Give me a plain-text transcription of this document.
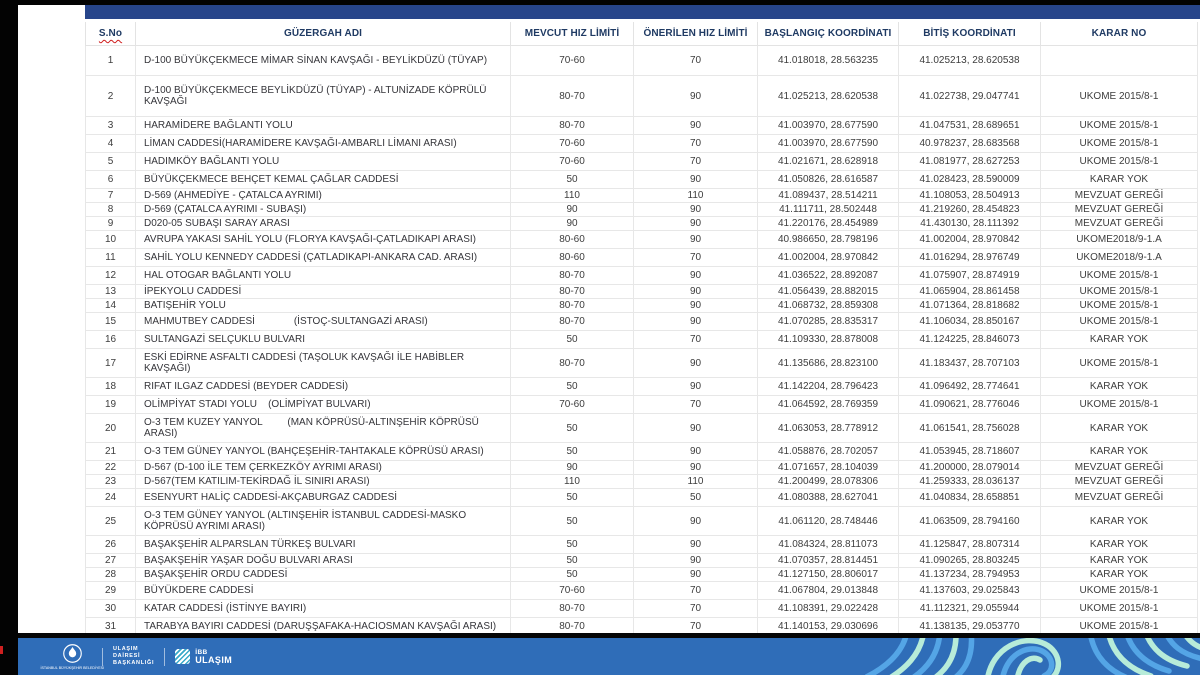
S.No	GÜZERGAH ADI	MEVCUT HIZ LİMİTİ	ÖNERİLEN HIZ LİMİTİ	BAŞLANGIÇ KOORDİNATI	BİTİŞ KOORDİNATI	KARAR NO
1	D-100 BÜYÜKÇEKMECE MİMAR SİNAN KAVŞAĞI - BEYLİKDÜZÜ (TÜYAP)	70-60	70	41.018018, 28.563235	41.025213, 28.620538	
2	D-100 BÜYÜKÇEKMECE BEYLİKDÜZÜ (TÜYAP) - ALTUNİZADE KÖPRÜLÜ KAVŞAĞI	80-70	90	41.025213, 28.620538	41.022738, 29.047741	UKOME 2015/8-1
3	HARAMİDERE BAĞLANTI YOLU	80-70	90	41.003970, 28.677590	41.047531, 28.689651	UKOME 2015/8-1
4	LİMAN CADDESİ(HARAMİDERE KAVŞAĞI-AMBARLI LİMANI ARASI)	70-60	70	41.003970, 28.677590	40.978237, 28.683568	UKOME 2015/8-1
5	HADIMKÖY BAĞLANTI YOLU	70-60	70	41.021671, 28.628918	41.081977, 28.627253	UKOME 2015/8-1
6	BÜYÜKÇEKMECE BEHÇET KEMAL ÇAĞLAR CADDESİ	50	90	41.050826, 28.616587	41.028423, 28.590009	KARAR YOK
7	D-569 (AHMEDİYE - ÇATALCA AYRIMI)	110	110	41.089437, 28.514211	41.108053, 28.504913	MEVZUAT GEREĞİ
8	D-569 (ÇATALCA AYRIMI - SUBAŞI)	90	90	41.111711, 28.502448	41.219260, 28.454823	MEVZUAT GEREĞİ
9	D020-05 SUBAŞI SARAY ARASI	90	90	41.220176, 28.454989	41.430130, 28.111392	MEVZUAT GEREĞİ
10	AVRUPA YAKASI SAHİL YOLU (FLORYA KAVŞAĞI-ÇATLADIKAPI ARASI)	80-60	90	40.986650, 28.798196	41.002004, 28.970842	UKOME2018/9-1.A
11	SAHİL YOLU KENNEDY CADDESİ (ÇATLADIKAPI-ANKARA CAD. ARASI)	80-60	70	41.002004, 28.970842	41.016294, 28.976749	UKOME2018/9-1.A
12	HAL OTOGAR BAĞLANTI YOLU	80-70	90	41.036522, 28.892087	41.075907, 28.874919	UKOME 2015/8-1
13	İPEKYOLU CADDESİ	80-70	90	41.056439, 28.882015	41.065904, 28.861458	UKOME 2015/8-1
14	BATIŞEHİR YOLU	80-70	90	41.068732, 28.859308	41.071364, 28.818682	UKOME 2015/8-1
15	MAHMUTBEY CADDESİ              (İSTOÇ-SULTANGAZİ ARASI)	80-70	90	41.070285, 28.835317	41.106034, 28.850167	UKOME 2015/8-1
16	SULTANGAZİ SELÇUKLU BULVARI	50	70	41.109330, 28.878008	41.124225, 28.846073	KARAR YOK
17	ESKİ EDİRNE ASFALTI CADDESİ (TAŞOLUK KAVŞAĞI İLE HABİBLER KAVŞAĞI)	80-70	90	41.135686, 28.823100	41.183437, 28.707103	UKOME 2015/8-1
18	RIFAT ILGAZ CADDESİ (BEYDER CADDESİ)	50	90	41.142204, 28.796423	41.096492, 28.774641	KARAR YOK
19	OLİMPİYAT STADI YOLU    (OLİMPİYAT BULVARI)	70-60	70	41.064592, 28.769359	41.090621, 28.776046	UKOME 2015/8-1
20	O-3 TEM KUZEY YANYOL         (MAN KÖPRÜSÜ-ALTINŞEHİR KÖPRÜSÜ ARASI)	50	90	41.063053, 28.778912	41.061541, 28.756028	KARAR YOK
21	O-3 TEM GÜNEY YANYOL (BAHÇEŞEHİR-TAHTAKALE KÖPRÜSÜ ARASI)	50	90	41.058876, 28.702057	41.053945, 28.718607	KARAR YOK
22	D-567 (D-100 İLE TEM ÇERKEZKÖY AYRIMI ARASI)	90	90	41.071657, 28.104039	41.200000, 28.079014	MEVZUAT GEREĞİ
23	D-567(TEM KATILIM-TEKİRDAĞ İL SINIRI ARASI)	110	110	41.200499, 28.078306	41.259333, 28.036137	MEVZUAT GEREĞİ
24	ESENYURT HALİÇ CADDESİ-AKÇABURGAZ CADDESİ	50	50	41.080388, 28.627041	41.040834, 28.658851	MEVZUAT GEREĞİ
25	O-3 TEM GÜNEY YANYOL (ALTINŞEHİR İSTANBUL CADDESİ-MASKO KÖPRÜSÜ AYRIMI ARASI)	50	90	41.061120, 28.748446	41.063509, 28.794160	KARAR YOK
26	BAŞAKŞEHİR ALPARSLAN TÜRKEŞ BULVARI	50	90	41.084324, 28.811073	41.125847, 28.807314	KARAR YOK
27	BAŞAKŞEHİR YAŞAR DOĞU BULVARI ARASI	50	90	41.070357, 28.814451	41.090265, 28.803245	KARAR YOK
28	BAŞAKŞEHİR ORDU CADDESİ	50	90	41.127150, 28.806017	41.137234, 28.794953	KARAR YOK
29	BÜYÜKDERE CADDESİ	70-60	70	41.067804, 29.013848	41.137603, 29.025843	UKOME 2015/8-1
30	KATAR CADDESİ (İSTİNYE BAYIRI)	80-70	70	41.108391, 29.022428	41.112321, 29.055944	UKOME 2015/8-1
31	TARABYA BAYIRI CADDESİ (DARUŞŞAFAKA-HACIOSMAN KAVŞAĞI ARASI)	80-70	70	41.140153, 29.030696	41.138135, 29.053770	UKOME 2015/8-1

İSTANBUL BÜYÜKŞEHİR BELEDİYESİ
ULAŞIM
DAİRESİ
BAŞKANLIĞI
İBB
ULAŞIM
